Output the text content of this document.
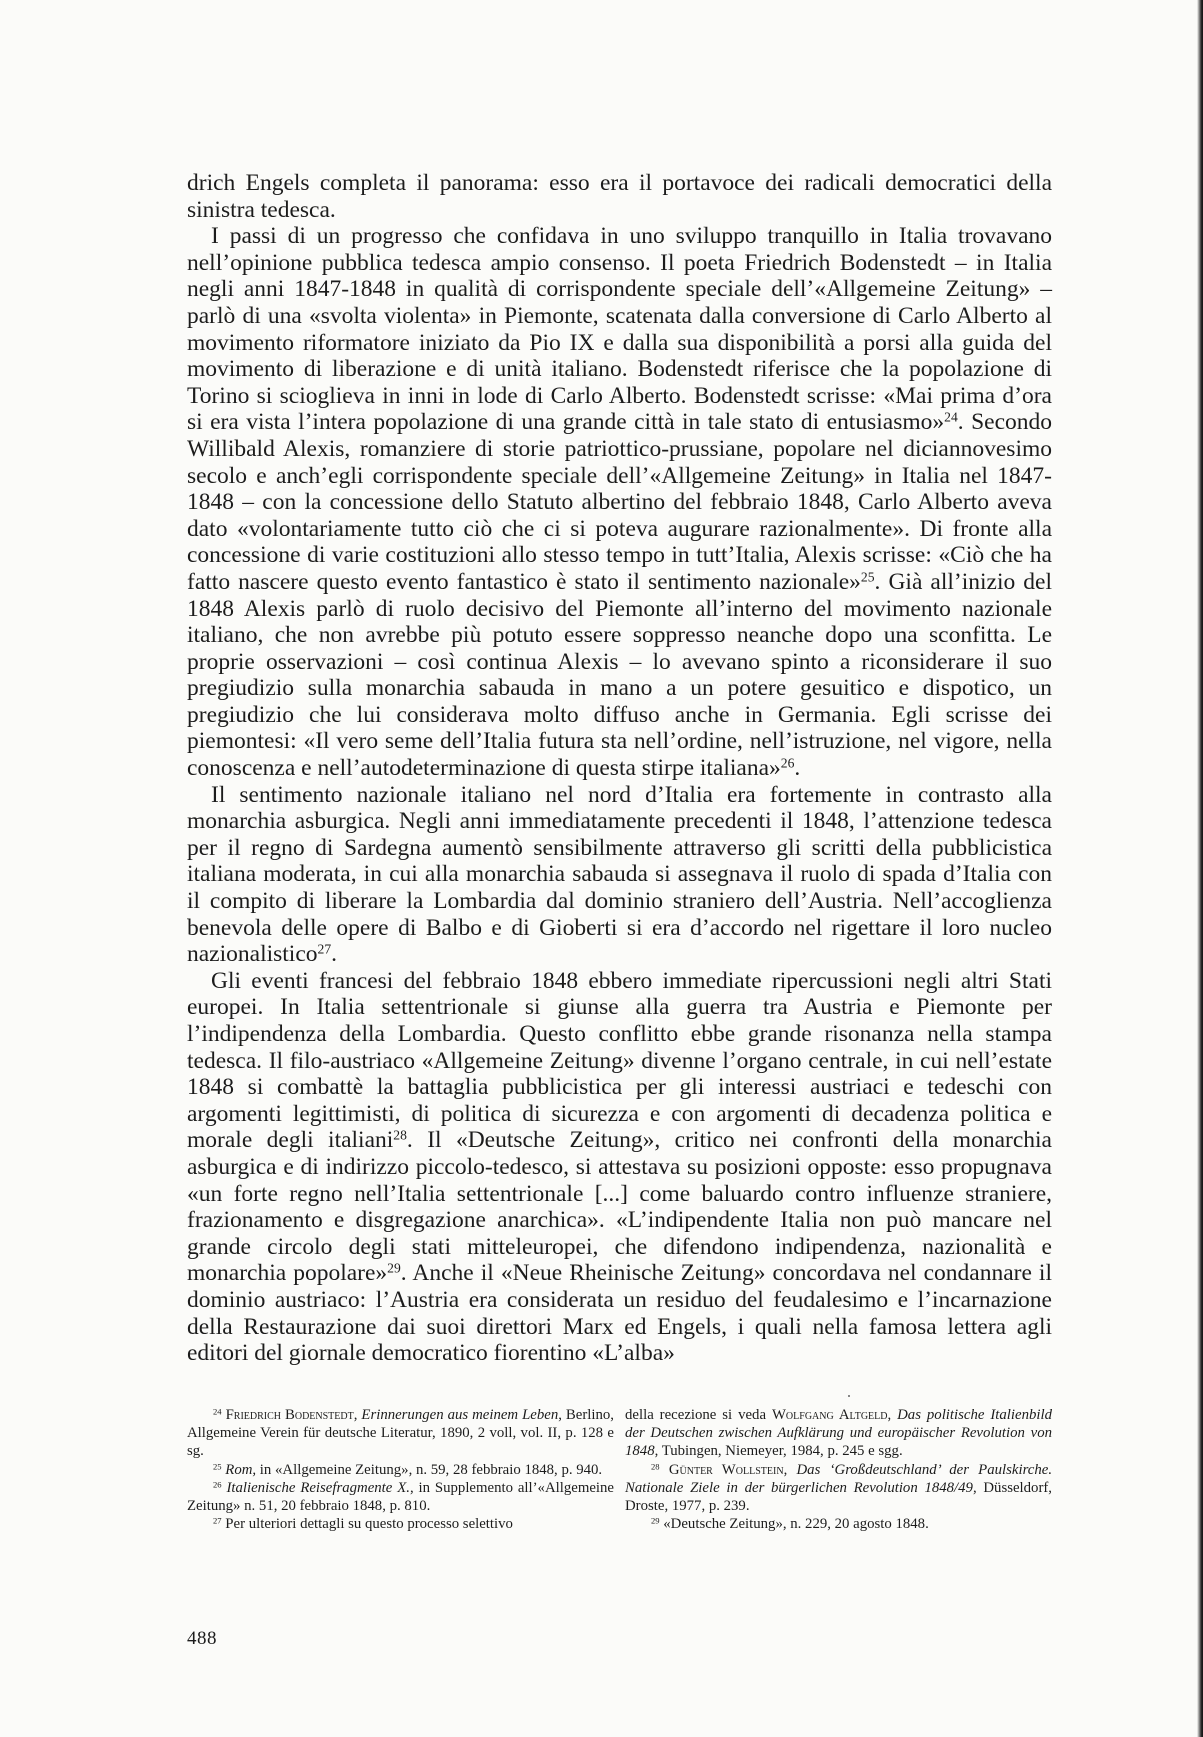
drich Engels completa il panorama: esso era il portavoce dei radicali democratici della sinistra tedesca.

I passi di un progresso che confidava in uno sviluppo tranquillo in Italia trovavano nell’opinione pubblica tedesca ampio consenso. Il poeta Friedrich Bodenstedt – in Italia negli anni 1847-1848 in qualità di corrispondente speciale dell’«Allgemeine Zeitung» – parlò di una «svolta violenta» in Piemonte, scatenata dalla conversione di Carlo Alberto al movimento riformatore iniziato da Pio IX e dalla sua disponibilità a porsi alla guida del movimento di liberazione e di unità italiano. Bodenstedt riferisce che la popolazione di Torino si scioglieva in inni in lode di Carlo Alberto. Bodenstedt scrisse: «Mai prima d’ora si era vista l’intera popolazione di una grande città in tale stato di entusiasmo»$^{24}$. Secondo Willibald Alexis, romanziere di storie patriottico-prussiane, popolare nel diciannovesimo secolo e anch’egli corrispondente speciale dell’«Allgemeine Zeitung» in Italia nel 1847-1848 – con la concessione dello Statuto albertino del febbraio 1848, Carlo Alberto aveva dato «volontariamente tutto ciò che ci si poteva augurare razionalmente». Di fronte alla concessione di varie costituzioni allo stesso tempo in tutt’Italia, Alexis scrisse: «Ciò che ha fatto nascere questo evento fantastico è stato il sentimento nazionale»$^{25}$. Già all’inizio del 1848 Alexis parlò di ruolo decisivo del Piemonte all’interno del movimento nazionale italiano, che non avrebbe più potuto essere soppresso neanche dopo una sconfitta. Le proprie osservazioni – così continua Alexis – lo avevano spinto a riconsiderare il suo pregiudizio sulla monarchia sabauda in mano a un potere gesuitico e dispotico, un pregiudizio che lui considerava molto diffuso anche in Germania. Egli scrisse dei piemontesi: «Il vero seme dell’Italia futura sta nell’ordine, nell’istruzione, nel vigore, nella conoscenza e nell’autodeterminazione di questa stirpe italiana»$^{26}$.

Il sentimento nazionale italiano nel nord d’Italia era fortemente in contrasto alla monarchia asburgica. Negli anni immediatamente precedenti il 1848, l’attenzione tedesca per il regno di Sardegna aumentò sensibilmente attraverso gli scritti della pubblicistica italiana moderata, in cui alla monarchia sabauda si assegnava il ruolo di spada d’Italia con il compito di liberare la Lombardia dal dominio straniero dell’Austria. Nell’accoglienza benevola delle opere di Balbo e di Gioberti si era d’accordo nel rigettare il loro nucleo nazionalistico$^{27}$.

Gli eventi francesi del febbraio 1848 ebbero immediate ripercussioni negli altri Stati europei. In Italia settentrionale si giunse alla guerra tra Austria e Piemonte per l’indipendenza della Lombardia. Questo conflitto ebbe grande risonanza nella stampa tedesca. Il filo-austriaco «Allgemeine Zeitung» divenne l’organo centrale, in cui nell’estate 1848 si combattè la battaglia pubblicistica per gli interessi austriaci e tedeschi con argomenti legittimisti, di politica di sicurezza e con argomenti di decadenza politica e morale degli italiani$^{28}$. Il «Deutsche Zeitung», critico nei confronti della monarchia asburgica e di indirizzo piccolo-tedesco, si attestava su posizioni opposte: esso propugnava «un forte regno nell’Italia settentrionale [...] come baluardo contro influenze straniere, frazionamento e disgregazione anarchica». «L’indipendente Italia non può mancare nel grande circolo degli stati mitteleuropei, che difendono indipendenza, nazionalità e monarchia popolare»$^{29}$. Anche il «Neue Rheinische Zeitung» concordava nel condannare il dominio austriaco: l’Austria era considerata un residuo del feudalesimo e l’incarnazione della Restaurazione dai suoi direttori Marx ed Engels, i quali nella famosa lettera agli editori del giornale democratico fiorentino «L’alba»

$^{24}$ Friedrich Bodenstedt, Erinnerungen aus meinem Leben, Berlino, Allgemeine Verein für deutsche Literatur, 1890, 2 voll, vol. II, p. 128 e sg.

$^{25}$ Rom, in «Allgemeine Zeitung», n. 59, 28 febbraio 1848, p. 940.

$^{26}$ Italienische Reisefragmente X., in Supplemento all’«Allgemeine Zeitung» n. 51, 20 febbraio 1848, p. 810.

$^{27}$ Per ulteriori dettagli su questo processo selettivo

della recezione si veda Wolfgang Altgeld, Das politische Italienbild der Deutschen zwischen Aufklärung und europäischer Revolution von 1848, Tubingen, Niemeyer, 1984, p. 245 e sgg.

$^{28}$ Günter Wollstein, Das ‘Großdeutschland’ der Paulskirche. Nationale Ziele in der bürgerlichen Revolution 1848/49, Düsseldorf, Droste, 1977, p. 239.

$^{29}$ «Deutsche Zeitung», n. 229, 20 agosto 1848.

488
